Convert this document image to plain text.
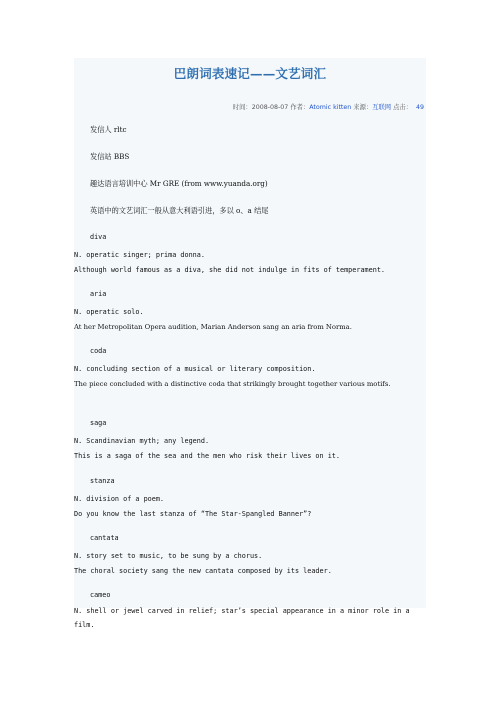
巴朗词表速记——文艺词汇
时间：2008-08-07 作者：Atomic kitten 来源：互联网 点击： 49
发信人 rltc
发信站 BBS
趣达语言培训中心 Mr GRE (from www.yuanda.org)
英语中的文艺词汇一般从意大利语引进，多以 o、a 结尾
diva
N. operatic singer; prima donna.
Although world famous as a diva, she did not indulge in fits of temperament.
aria
N. operatic solo.
At her Metropolitan Opera audition, Marian Anderson sang an aria from Norma.
coda
N. concluding section of a musical or literary composition.
The piece concluded with a distinctive coda that strikingly brought together various motifs.
saga
N. Scandinavian myth; any legend.
This is a saga of the sea and the men who risk their lives on it.
stanza
N. division of a poem.
Do you know the last stanza of “The Star-Spangled Banner”?
cantata
N. story set to music, to be sung by a chorus.
The choral society sang the new cantata composed by its leader.
cameo
N. shell or jewel carved in relief; star’s special appearance in a minor role in a film.
